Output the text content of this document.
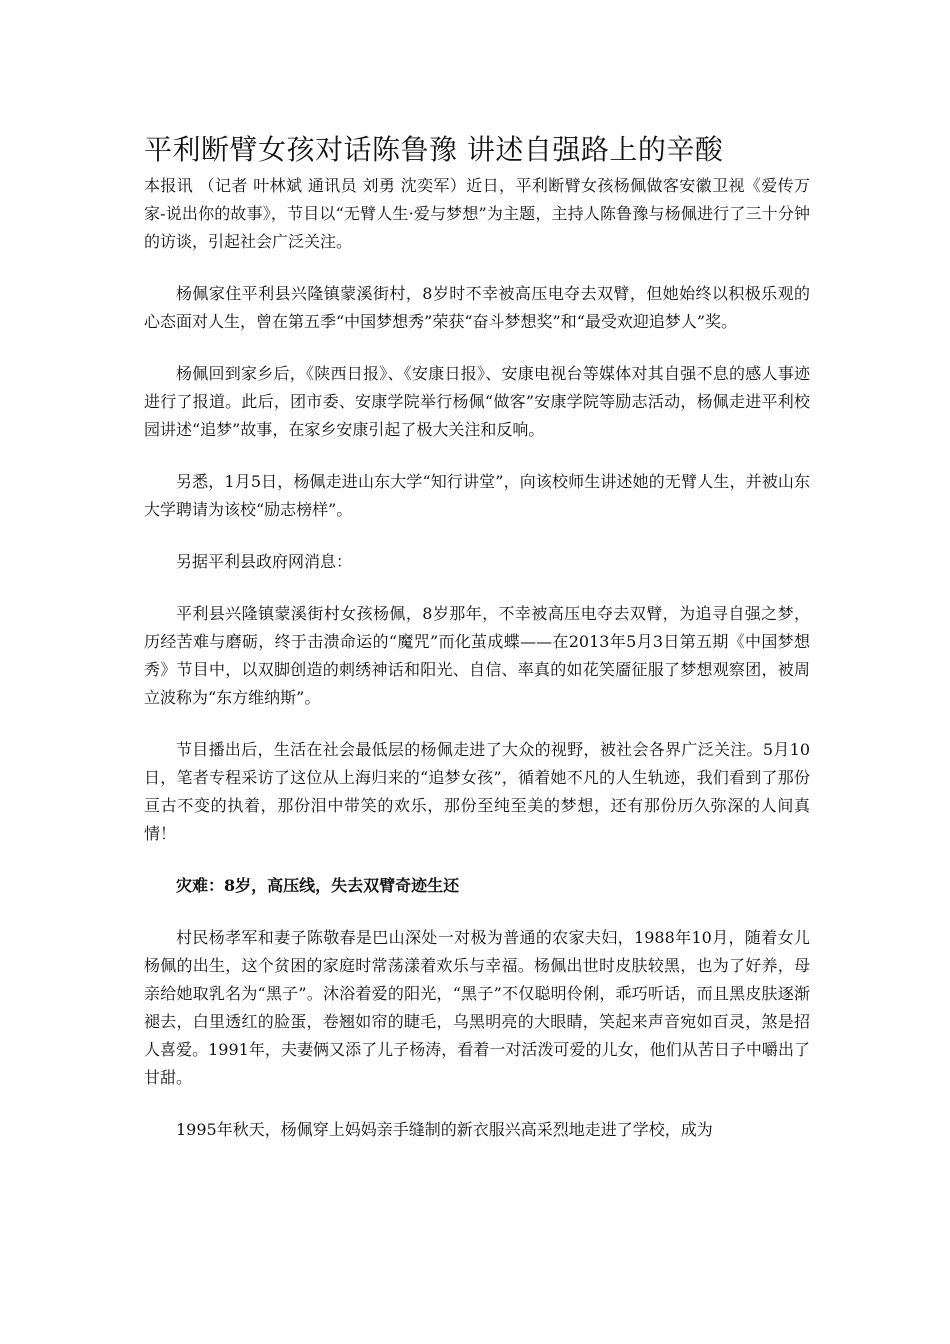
平利断臂女孩对话陈鲁豫 讲述自强路上的辛酸

本报讯 （记者 叶林斌 通讯员 刘勇 沈奕军）近日，平利断臂女孩杨佩做客安徽卫视《爱传万家-说出你的故事》，节目以“无臂人生·爱与梦想”为主题，主持人陈鲁豫与杨佩进行了三十分钟的访谈，引起社会广泛关注。

杨佩家住平利县兴隆镇蒙溪街村，8岁时不幸被高压电夺去双臂，但她始终以积极乐观的心态面对人生，曾在第五季“中国梦想秀”荣获“奋斗梦想奖”和“最受欢迎追梦人”奖。

杨佩回到家乡后，《陕西日报》、《安康日报》、安康电视台等媒体对其自强不息的感人事迹进行了报道。此后，团市委、安康学院举行杨佩“做客”安康学院等励志活动，杨佩走进平利校园讲述“追梦”故事，在家乡安康引起了极大关注和反响。

另悉，1月5日，杨佩走进山东大学“知行讲堂”，向该校师生讲述她的无臂人生，并被山东大学聘请为该校“励志榜样”。

另据平利县政府网消息：

平利县兴隆镇蒙溪街村女孩杨佩，8岁那年，不幸被高压电夺去双臂，为追寻自强之梦，历经苦难与磨砺，终于击溃命运的“魔咒”而化茧成蝶——在2013年5月3日第五期《中国梦想秀》节目中，以双脚创造的刺绣神话和阳光、自信、率真的如花笑靥征服了梦想观察团，被周立波称为“东方维纳斯”。

节目播出后，生活在社会最低层的杨佩走进了大众的视野，被社会各界广泛关注。5月10日，笔者专程采访了这位从上海归来的“追梦女孩”，循着她不凡的人生轨迹，我们看到了那份亘古不变的执着，那份泪中带笑的欢乐，那份至纯至美的梦想，还有那份历久弥深的人间真情！

灾难：8岁，高压线，失去双臂奇迹生还

村民杨孝军和妻子陈敬春是巴山深处一对极为普通的农家夫妇，1988年10月，随着女儿杨佩的出生，这个贫困的家庭时常荡漾着欢乐与幸福。杨佩出世时皮肤较黑，也为了好养，母亲给她取乳名为“黑子”。沐浴着爱的阳光，“黑子”不仅聪明伶俐，乖巧听话，而且黑皮肤逐渐褪去，白里透红的脸蛋，卷翘如帘的睫毛，乌黑明亮的大眼睛，笑起来声音宛如百灵，煞是招人喜爱。1991年，夫妻俩又添了儿子杨涛，看着一对活泼可爱的儿女，他们从苦日子中嚼出了甘甜。

1995年秋天，杨佩穿上妈妈亲手缝制的新衣服兴高采烈地走进了学校，成为
